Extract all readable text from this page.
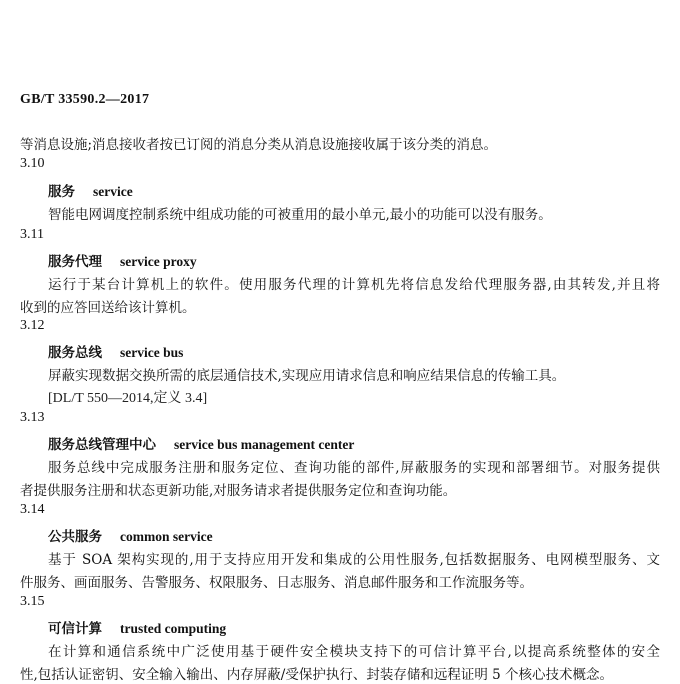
GB/T 33590.2—2017
等消息设施;消息接收者按已订阅的消息分类从消息设施接收属于该分类的消息。
3.10
服务 service
智能电网调度控制系统中组成功能的可被重用的最小单元,最小的功能可以没有服务。
3.11
服务代理 service proxy
运行于某台计算机上的软件。使用服务代理的计算机先将信息发给代理服务器,由其转发,并且将
收到的应答回送给该计算机。
3.12
服务总线 service bus
屏蔽实现数据交换所需的底层通信技术,实现应用请求信息和响应结果信息的传输工具。
[DL/T 550—2014,定义 3.4]
3.13
服务总线管理中心 service bus management center
服务总线中完成服务注册和服务定位、查询功能的部件,屏蔽服务的实现和部署细节。对服务提供
者提供服务注册和状态更新功能,对服务请求者提供服务定位和查询功能。
3.14
公共服务 common service
基于 SOA 架构实现的,用于支持应用开发和集成的公用性服务,包括数据服务、电网模型服务、文
件服务、画面服务、告警服务、权限服务、日志服务、消息邮件服务和工作流服务等。
3.15
可信计算 trusted computing
在计算和通信系统中广泛使用基于硬件安全模块支持下的可信计算平台,以提高系统整体的安全
性,包括认证密钥、安全输入输出、内存屏蔽/受保护执行、封装存储和远程证明 5 个核心技术概念。
